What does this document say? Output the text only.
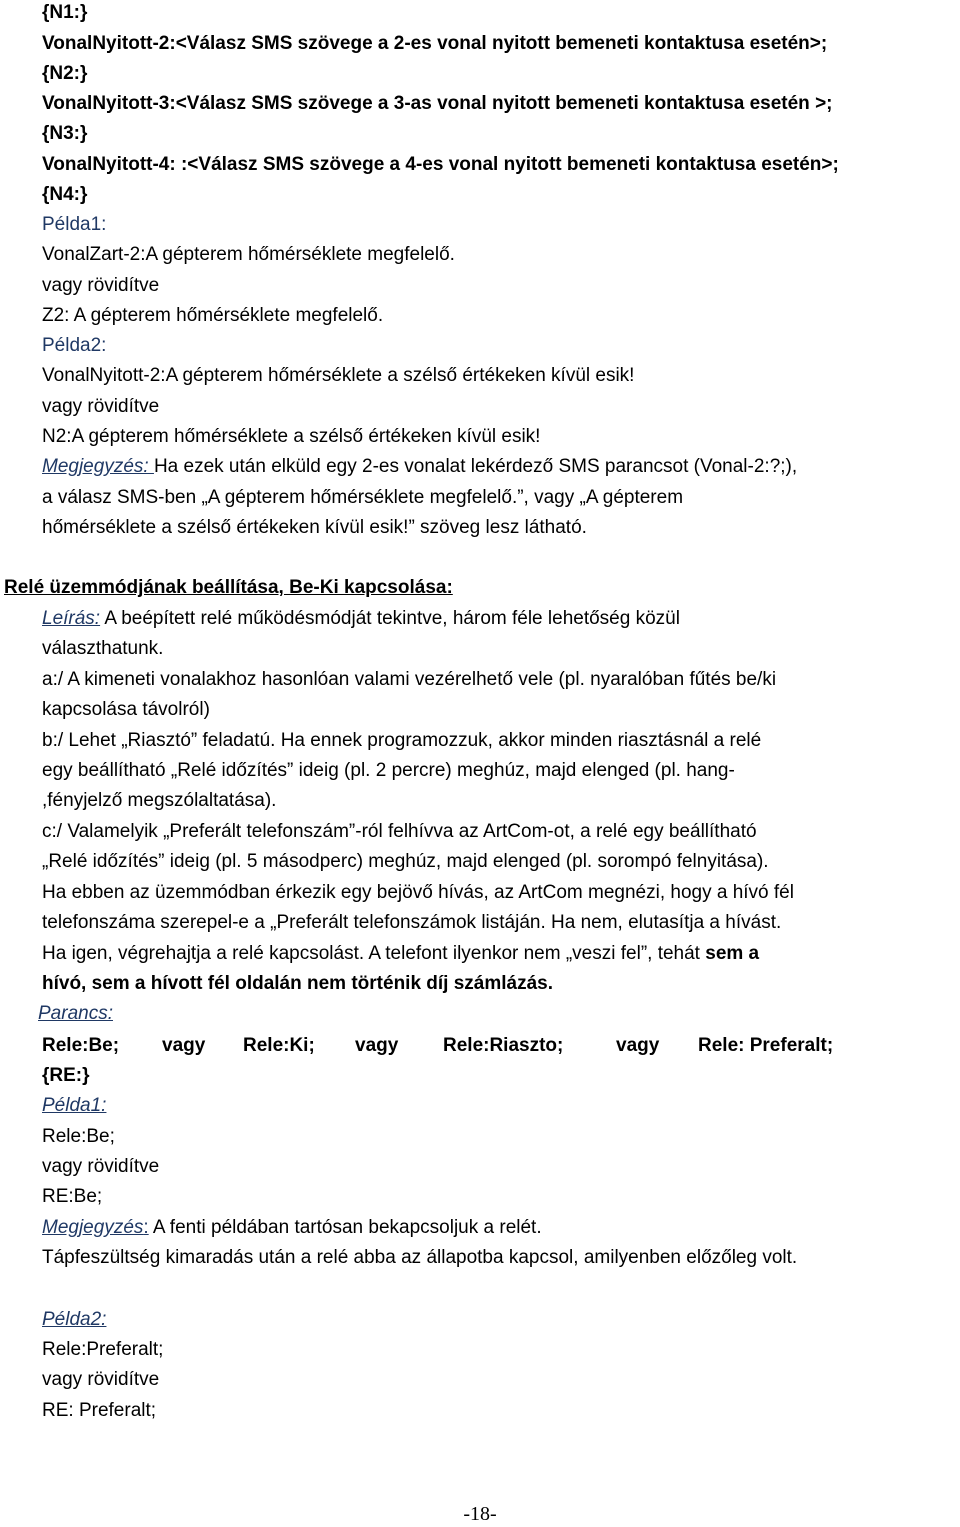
{N1:}
VonalNyitott-2:<Válasz SMS szövege a 2-es vonal nyitott bemeneti kontaktusa esetén>;
{N2:}
VonalNyitott-3:<Válasz SMS szövege a 3-as vonal nyitott bemeneti kontaktusa esetén >;
{N3:}
VonalNyitott-4: :<Válasz SMS szövege a 4-es vonal nyitott bemeneti kontaktusa esetén>;
{N4:}
Példa1:
VonalZart-2:A gépterem hőmérséklete megfelelő.
vagy rövidítve
Z2: A gépterem hőmérséklete megfelelő.
Példa2:
VonalNyitott-2:A gépterem hőmérséklete a szélső értékeken kívül esik!
vagy rövidítve
N2:A gépterem hőmérséklete a szélső értékeken kívül esik!
Megjegyzés: Ha ezek után elküld egy 2-es vonalat lekérdező SMS parancsot (Vonal-2:?;),
a válasz SMS-ben „A gépterem hőmérséklete megfelelő.”, vagy „A gépterem
hőmérséklete a szélső értékeken kívül esik!” szöveg lesz látható.
Relé üzemmódjának beállítása, Be-Ki kapcsolása:
Leírás: A beépített relé működésmódját tekintve, három féle lehetőség közül
választhatunk.
a:/ A kimeneti vonalakhoz hasonlóan valami vezérelhető vele (pl. nyaralóban fűtés be/ki
kapcsolása távolról)
b:/ Lehet „Riasztó” feladatú. Ha ennek programozzuk, akkor minden riasztásnál a relé
egy beállítható „Relé időzítés” ideig (pl. 2 percre) meghúz, majd elenged (pl. hang-
,fényjelző megszólaltatása).
c:/ Valamelyik „Preferált telefonszám”-ról felhívva az ArtCom-ot, a relé egy beállítható
„Relé időzítés” ideig (pl. 5 másodperc) meghúz, majd elenged (pl. sorompó felnyitása).
Ha ebben az üzemmódban érkezik egy bejövő hívás, az ArtCom megnézi, hogy a hívó fél
telefonszáma szerepel-e a „Preferált telefonszámok listáján. Ha nem, elutasítja a hívást.
Ha igen, végrehajtja a relé kapcsolást. A telefont ilyenkor nem „veszi fel”, tehát sem a
hívó, sem a hívott fél oldalán nem történik díj számlázás.
Parancs:
Rele:Be; vagy Rele:Ki; vagy Rele:Riaszto;	vagy Rele: Preferalt;
{RE:}
Példa1:
Rele:Be;
vagy rövidítve
RE:Be;
Megjegyzés: A fenti példában tartósan bekapcsoljuk a relét.
Tápfeszültség kimaradás után a relé abba az állapotba kapcsol, amilyenben előzőleg volt.
Példa2:
Rele:Preferalt;
vagy rövidítve
RE: Preferalt;
-18-
